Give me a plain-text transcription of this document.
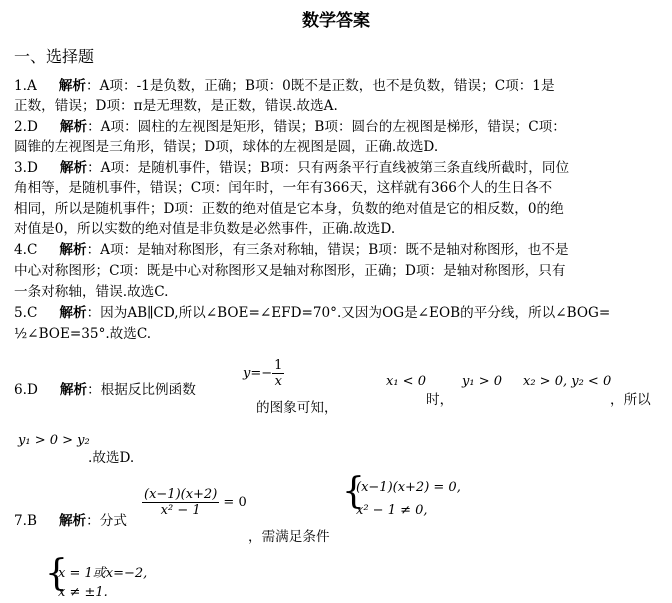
数学答案
一、选择题
1.A 解析：A项：-1是负数，正确；B项：0既不是正数，也不是负数，错误；C项：1是
正数，错误；D项：π是无理数，是正数，错误.故选A.
2.D 解析：A项：圆柱的左视图是矩形，错误；B项：圆台的左视图是梯形，错误；C项：
圆锥的左视图是三角形，错误；D项，球体的左视图是圆，正确.故选D.
3.D 解析：A项：是随机事件，错误；B项：只有两条平行直线被第三条直线所截时，同位
角相等，是随机事件，错误；C项：闰年时，一年有366天，这样就有366个人的生日各不
相同，所以是随机事件；D项：正数的绝对值是它本身，负数的绝对值是它的相反数，0的绝
对值是0，所以实数的绝对值是非负数是必然事件，正确.故选D.
4.C 解析：A项：是轴对称图形，有三条对称轴，错误；B项：既不是轴对称图形，也不是
中心对称图形；C项：既是中心对称图形又是轴对称图形，正确；D项：是轴对称图形，只有
一条对称轴，错误.故选C.
5.C 解析：因为AB∥CD,所以∠BOE=∠EFD=70°.又因为OG是∠EOB的平分线，所以∠BOG=
½∠BOE=35°.故选C.
6.D 解析：根据反比例函数
$y=- \frac{1}{x}$
的图象可知，
x₁ < 0
时，
y₁ > 0 x₂ > 0, y₂ < 0
，所以
y₁ > 0 > y₂
.故选D.
7.B 解析：分式
$\frac{(x-1)(x+2)}{\text{x² − 1}} = 0$	{
(x−1)(x+2) = 0,
x² − 1 ≠ 0,
，需满足条件
{
x = 1或x=−2,
x ≠ ±1.
